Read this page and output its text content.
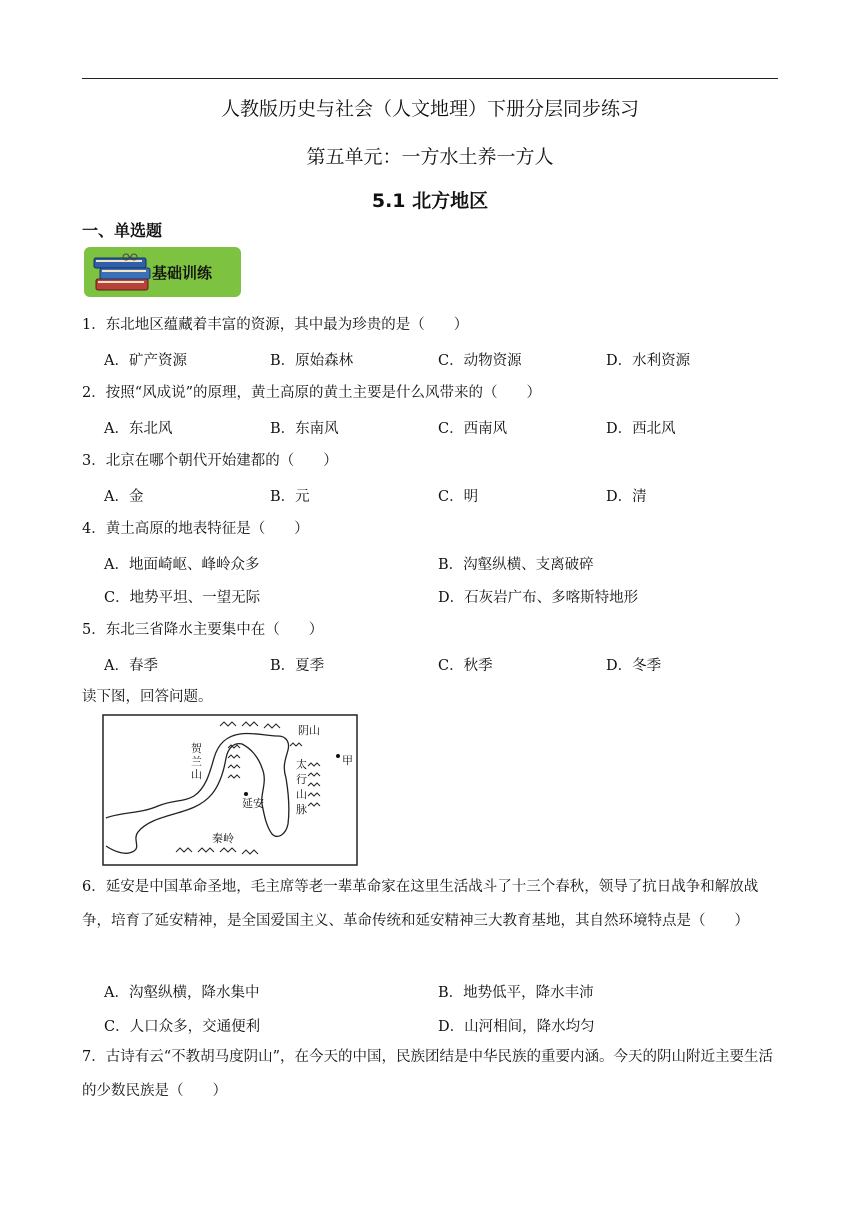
人教版历史与社会（人文地理）下册分层同步练习
第五单元：一方水土养一方人
5.1 北方地区
一、单选题
基础训练
1．东北地区蕴藏着丰富的资源，其中最为珍贵的是（　　）
A．矿产资源	B．原始森林	C．动物资源	D．水利资源
2．按照“风成说”的原理，黄土高原的黄土主要是什么风带来的（　　）
A．东北风	B．东南风	C．西南风	D．西北风
3．北京在哪个朝代开始建都的（　　）
A．金	B．元	C．明	D．清
4．黄土高原的地表特征是（　　）
A．地面崎岖、峰岭众多	B．沟壑纵横、支离破碎
C．地势平坦、一望无际	D．石灰岩广布、多喀斯特地形
5．东北三省降水主要集中在（　　）
A．春季	B．夏季	C．秋季	D．冬季
读下图，回答问题。
阴山
甲
贺
兰
山
太
行
山
脉
延安
秦岭
6．延安是中国革命圣地，毛主席等老一辈革命家在这里生活战斗了十三个春秋，领导了抗日战争和解放战争，培育了延安精神，是全国爱国主义、革命传统和延安精神三大教育基地，其自然环境特点是（　　）
A．沟壑纵横，降水集中	B．地势低平，降水丰沛
C．人口众多，交通便利	D．山河相间，降水均匀
7．古诗有云“不教胡马度阴山”，在今天的中国，民族团结是中华民族的重要内涵。今天的阴山附近主要生活的少数民族是（　　）
